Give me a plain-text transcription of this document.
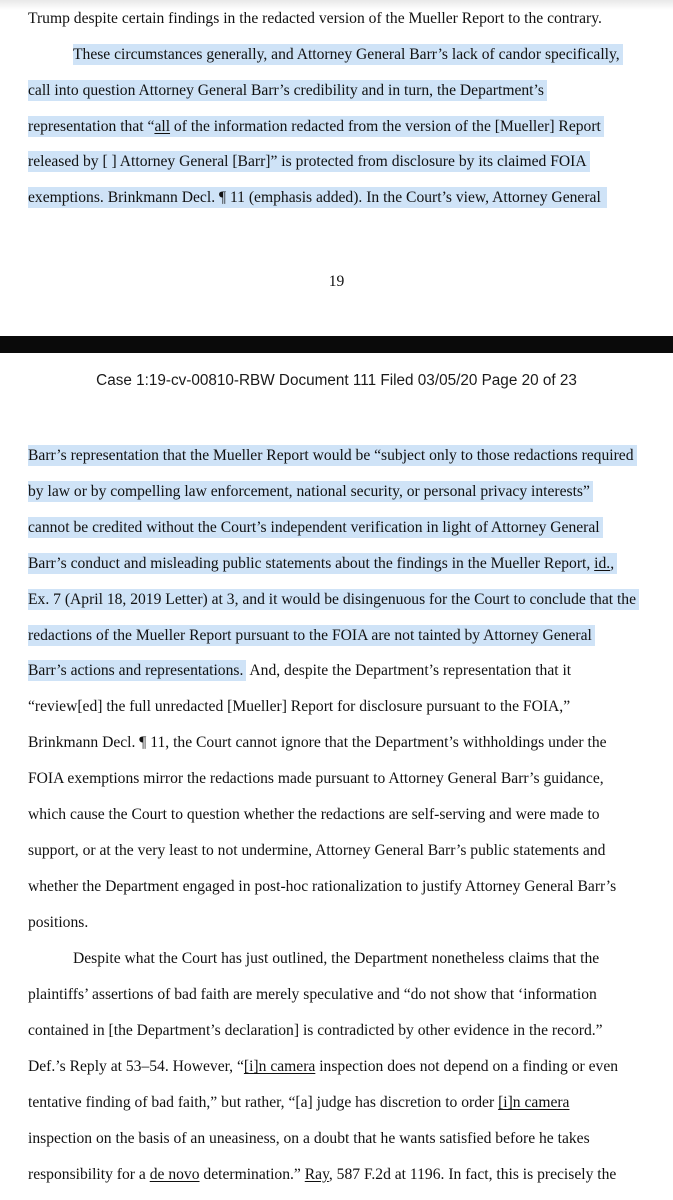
Trump despite certain findings in the redacted version of the Mueller Report to the contrary.
These circumstances generally, and Attorney General Barr’s lack of candor specifically,
call into question Attorney General Barr’s credibility and in turn, the Department’s
representation that “all of the information redacted from the version of the [Mueller] Report
released by [ ] Attorney General [Barr]” is protected from disclosure by its claimed FOIA
exemptions. Brinkmann Decl. ¶ 11 (emphasis added). In the Court’s view, Attorney General
19
Case 1:19-cv-00810-RBW Document 111 Filed 03/05/20 Page 20 of 23
Barr’s representation that the Mueller Report would be “subject only to those redactions required
by law or by compelling law enforcement, national security, or personal privacy interests”
cannot be credited without the Court’s independent verification in light of Attorney General
Barr’s conduct and misleading public statements about the findings in the Mueller Report, id.,
Ex. 7 (April 18, 2019 Letter) at 3, and it would be disingenuous for the Court to conclude that the
redactions of the Mueller Report pursuant to the FOIA are not tainted by Attorney General
Barr’s actions and representations. And, despite the Department’s representation that it
“review[ed] the full unredacted [Mueller] Report for disclosure pursuant to the FOIA,”
Brinkmann Decl. ¶ 11, the Court cannot ignore that the Department’s withholdings under the
FOIA exemptions mirror the redactions made pursuant to Attorney General Barr’s guidance,
which cause the Court to question whether the redactions are self-serving and were made to
support, or at the very least to not undermine, Attorney General Barr’s public statements and
whether the Department engaged in post-hoc rationalization to justify Attorney General Barr’s
positions.
Despite what the Court has just outlined, the Department nonetheless claims that the
plaintiffs’ assertions of bad faith are merely speculative and “do not show that ‘information
contained in [the Department’s declaration] is contradicted by other evidence in the record.”
Def.’s Reply at 53–54. However, “[i]n camera inspection does not depend on a finding or even
tentative finding of bad faith,” but rather, “[a] judge has discretion to order [i]n camera
inspection on the basis of an uneasiness, on a doubt that he wants satisfied before he takes
responsibility for a de novo determination.” Ray, 587 F.2d at 1196. In fact, this is precisely the
